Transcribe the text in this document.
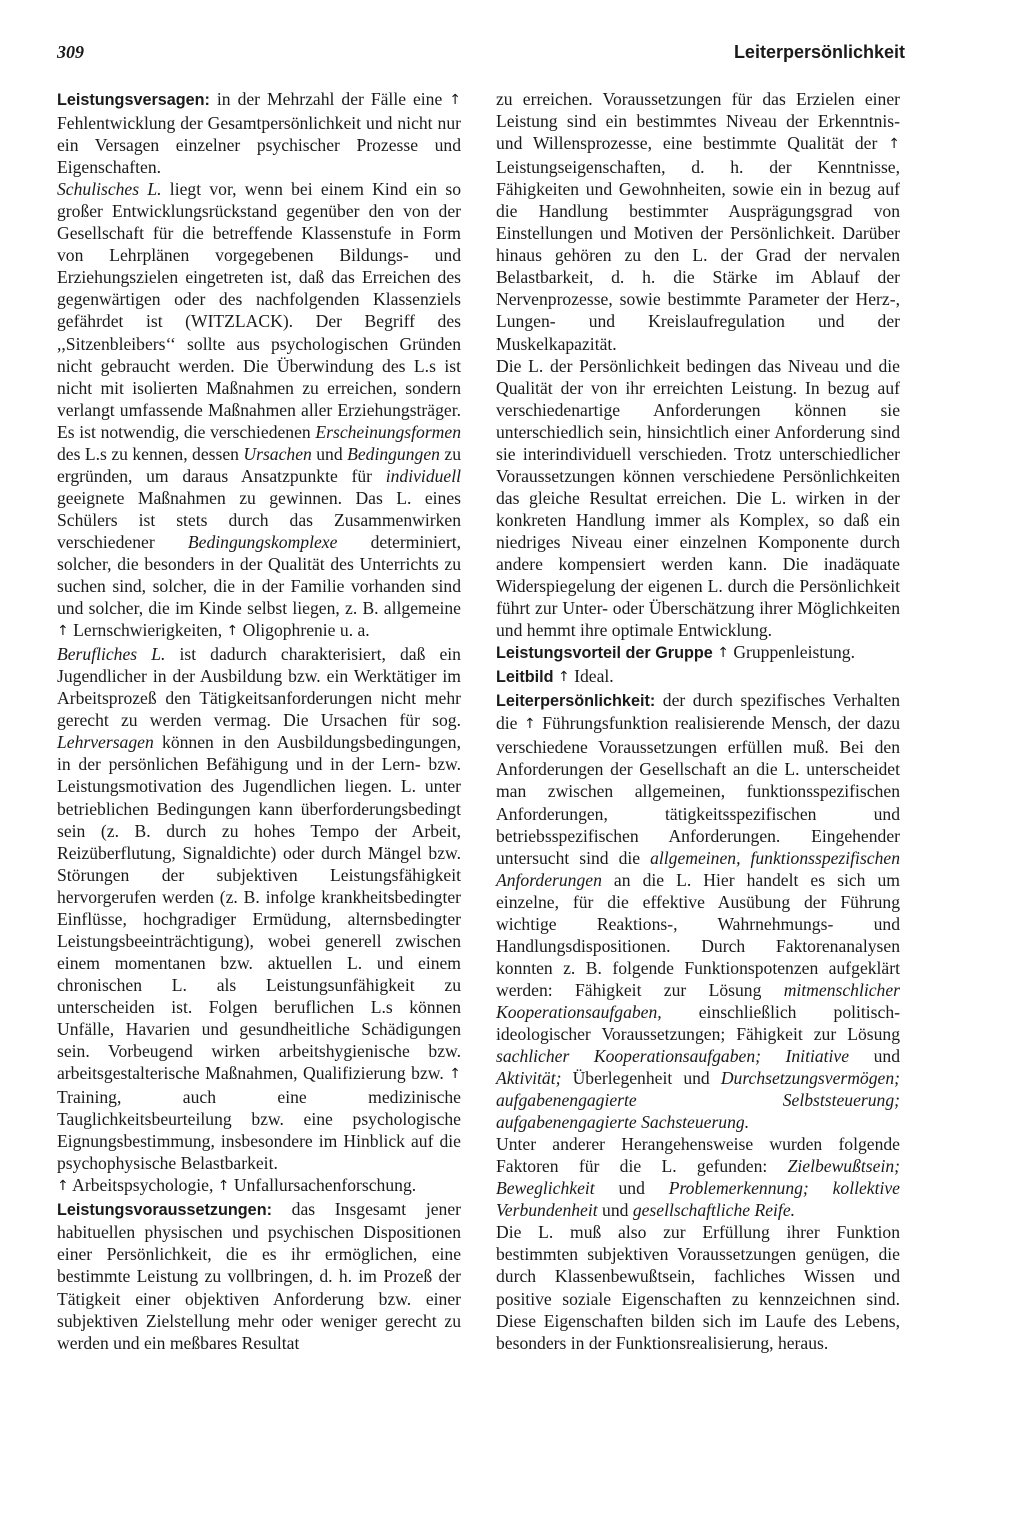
309	Leiterpersönlichkeit

Leistungsversagen: in der Mehrzahl der Fälle eine ↑ Fehlentwicklung der Gesamtpersönlichkeit und nicht nur ein Versagen einzelner psychischer Prozesse und Eigenschaften.

Schulisches L. liegt vor, wenn bei einem Kind ein so großer Entwicklungsrückstand gegenüber den von der Gesellschaft für die betreffende Klassenstufe in Form von Lehrplänen vorgegebenen Bildungs- und Erziehungszielen eingetreten ist, daß das Erreichen des gegenwärtigen oder des nachfolgenden Klassenziels gefährdet ist (WITZLACK). Der Begriff des ,,Sitzenbleibers‘‘ sollte aus psychologischen Gründen nicht gebraucht werden. Die Überwindung des L.s ist nicht mit isolierten Maßnahmen zu erreichen, sondern verlangt umfassende Maßnahmen aller Erziehungsträger. Es ist notwendig, die verschiedenen Erscheinungsformen des L.s zu kennen, dessen Ursachen und Bedingungen zu ergründen, um daraus Ansatzpunkte für individuell geeignete Maßnahmen zu gewinnen. Das L. eines Schülers ist stets durch das Zusammenwirken verschiedener Bedingungskomplexe determiniert, solcher, die besonders in der Qualität des Unterrichts zu suchen sind, solcher, die in der Familie vorhanden sind und solcher, die im Kinde selbst liegen, z. B. allgemeine ↑ Lernschwierigkeiten, ↑ Oligophrenie u. a.

Berufliches L. ist dadurch charakterisiert, daß ein Jugendlicher in der Ausbildung bzw. ein Werktätiger im Arbeitsprozeß den Tätigkeitsanforderungen nicht mehr gerecht zu werden vermag. Die Ursachen für sog. Lehrversagen können in den Ausbildungsbedingungen, in der persönlichen Befähigung und in der Lern- bzw. Leistungsmotivation des Jugendlichen liegen. L. unter betrieblichen Bedingungen kann überforderungsbedingt sein (z. B. durch zu hohes Tempo der Arbeit, Reizüberflutung, Signaldichte) oder durch Mängel bzw. Störungen der subjektiven Leistungsfähigkeit hervorgerufen werden (z. B. infolge krankheitsbedingter Einflüsse, hochgradiger Ermüdung, alternsbedingter Leistungsbeeinträchtigung), wobei generell zwischen einem momentanen bzw. aktuellen L. und einem chronischen L. als Leistungsunfähigkeit zu unterscheiden ist. Folgen beruflichen L.s können Unfälle, Havarien und gesundheitliche Schädigungen sein. Vorbeugend wirken arbeitshygienische bzw. arbeitsgestalterische Maßnahmen, Qualifizierung bzw. ↑ Training, auch eine medizinische Tauglichkeitsbeurteilung bzw. eine psychologische Eignungsbestimmung, insbesondere im Hinblick auf die psychophysische Belastbarkeit.

↑ Arbeitspsychologie, ↑ Unfallursachenforschung.

Leistungsvoraussetzungen: das Insgesamt jener habituellen physischen und psychischen Dispositionen einer Persönlichkeit, die es ihr ermöglichen, eine bestimmte Leistung zu vollbringen, d. h. im Prozeß der Tätigkeit einer objektiven Anforderung bzw. einer subjektiven Zielstellung mehr oder weniger gerecht zu werden und ein meßbares Resultat

zu erreichen. Voraussetzungen für das Erzielen einer Leistung sind ein bestimmtes Niveau der Erkenntnis- und Willensprozesse, eine bestimmte Qualität der ↑ Leistungseigenschaften, d. h. der Kenntnisse, Fähigkeiten und Gewohnheiten, sowie ein in bezug auf die Handlung bestimmter Ausprägungsgrad von Einstellungen und Motiven der Persönlichkeit. Darüber hinaus gehören zu den L. der Grad der nervalen Belastbarkeit, d. h. die Stärke im Ablauf der Nervenprozesse, sowie bestimmte Parameter der Herz-, Lungen- und Kreislaufregulation und der Muskelkapazität.

Die L. der Persönlichkeit bedingen das Niveau und die Qualität der von ihr erreichten Leistung. In bezug auf verschiedenartige Anforderungen können sie unterschiedlich sein, hinsichtlich einer Anforderung sind sie interindividuell verschieden. Trotz unterschiedlicher Voraussetzungen können verschiedene Persönlichkeiten das gleiche Resultat erreichen. Die L. wirken in der konkreten Handlung immer als Komplex, so daß ein niedriges Niveau einer einzelnen Komponente durch andere kompensiert werden kann. Die inadäquate Widerspiegelung der eigenen L. durch die Persönlichkeit führt zur Unter- oder Überschätzung ihrer Möglichkeiten und hemmt ihre optimale Entwicklung.

Leistungsvorteil der Gruppe ↑ Gruppenleistung.

Leitbild ↑ Ideal.

Leiterpersönlichkeit: der durch spezifisches Verhalten die ↑ Führungsfunktion realisierende Mensch, der dazu verschiedene Voraussetzungen erfüllen muß. Bei den Anforderungen der Gesellschaft an die L. unterscheidet man zwischen allgemeinen, funktionsspezifischen Anforderungen, tätigkeitsspezifischen und betriebsspezifischen Anforderungen. Eingehender untersucht sind die allgemeinen, funktionsspezifischen Anforderungen an die L. Hier handelt es sich um einzelne, für die effektive Ausübung der Führung wichtige Reaktions-, Wahrnehmungs- und Handlungsdispositionen. Durch Faktorenanalysen konnten z. B. folgende Funktionspotenzen aufgeklärt werden: Fähigkeit zur Lösung mitmenschlicher Kooperationsaufgaben, einschließlich politisch-ideologischer Voraussetzungen; Fähigkeit zur Lösung sachlicher Kooperationsaufgaben; Initiative und Aktivität; Überlegenheit und Durchsetzungsvermögen; aufgabenengagierte Selbststeuerung; aufgabenengagierte Sachsteuerung.

Unter anderer Herangehensweise wurden folgende Faktoren für die L. gefunden: Zielbewußtsein; Beweglichkeit und Problemerkennung; kollektive Verbundenheit und gesellschaftliche Reife.

Die L. muß also zur Erfüllung ihrer Funktion bestimmten subjektiven Voraussetzungen genügen, die durch Klassenbewußtsein, fachliches Wissen und positive soziale Eigenschaften zu kennzeichnen sind. Diese Eigenschaften bilden sich im Laufe des Lebens, besonders in der Funktionsrealisierung, heraus.
